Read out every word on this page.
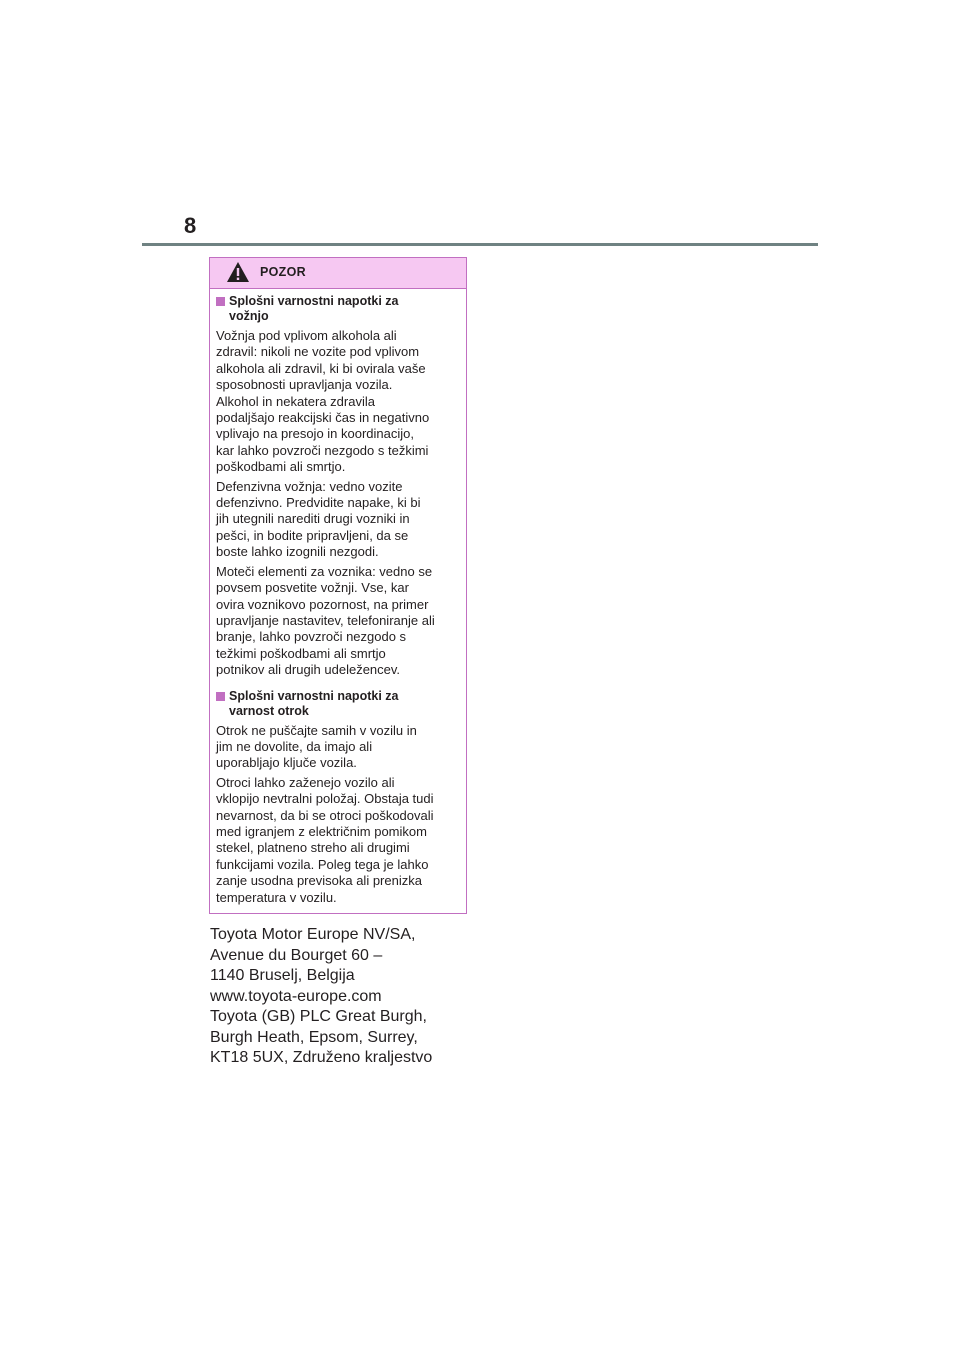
8
POZOR
Splošni varnostni napotki za
vožnjo

Vožnja pod vplivom alkohola ali
zdravil: nikoli ne vozite pod vplivom
alkohola ali zdravil, ki bi ovirala vaše
sposobnosti upravljanja vozila.
Alkohol in nekatera zdravila
podaljšajo reakcijski čas in negativno
vplivajo na presojo in koordinacijo,
kar lahko povzroči nezgodo s težkimi
poškodbami ali smrtjo.

Defenzivna vožnja: vedno vozite
defenzivno. Predvidite napake, ki bi
jih utegnili narediti drugi vozniki in
pešci, in bodite pripravljeni, da se
boste lahko izognili nezgodi.

Moteči elementi za voznika: vedno se
povsem posvetite vožnji. Vse, kar
ovira voznikovo pozornost, na primer
upravljanje nastavitev, telefoniranje ali
branje, lahko povzroči nezgodo s
težkimi poškodbami ali smrtjo
potnikov ali drugih udeležencev.

Splošni varnostni napotki za
varnost otrok

Otrok ne puščajte samih v vozilu in
jim ne dovolite, da imajo ali
uporabljajo ključe vozila.

Otroci lahko zaženejo vozilo ali
vklopijo nevtralni položaj. Obstaja tudi
nevarnost, da bi se otroci poškodovali
med igranjem z električnim pomikom
stekel, platneno streho ali drugimi
funkcijami vozila. Poleg tega je lahko
zanje usodna previsoka ali prenizka
temperatura v vozilu.

Toyota Motor Europe NV/SA,
Avenue du Bourget 60 –
1140 Bruselj, Belgija
www.toyota-europe.com
Toyota (GB) PLC Great Burgh,
Burgh Heath, Epsom, Surrey,
KT18 5UX, Združeno kraljestvo
